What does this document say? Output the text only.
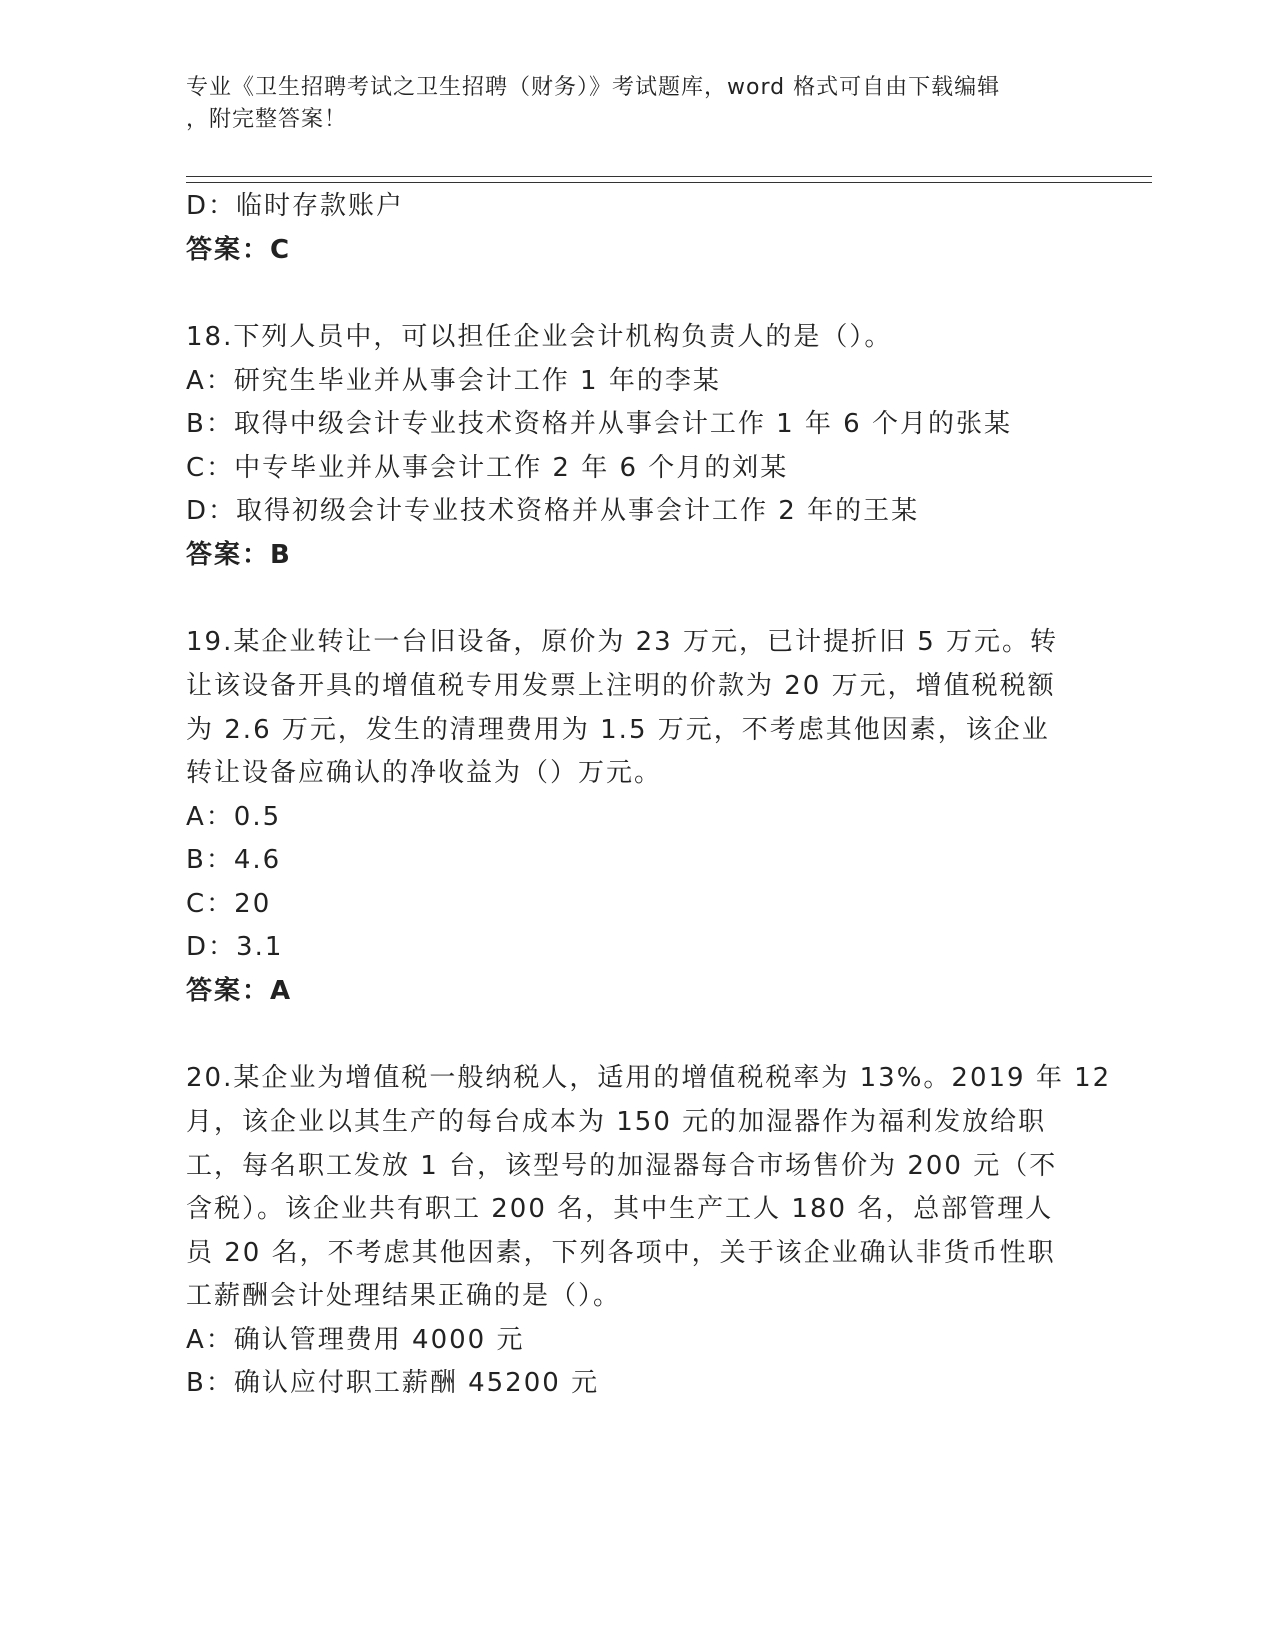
专业《卫生招聘考试之卫生招聘（财务）》考试题库，word 格式可自由下载编辑
，附完整答案！
D：临时存款账户
答案：C
18.下列人员中，可以担任企业会计机构负责人的是（）。
A：研究生毕业并从事会计工作 1 年的李某
B：取得中级会计专业技术资格并从事会计工作 1 年 6 个月的张某
C：中专毕业并从事会计工作 2 年 6 个月的刘某
D：取得初级会计专业技术资格并从事会计工作 2 年的王某
答案：B
19.某企业转让一台旧设备，原价为 23 万元，已计提折旧 5 万元。转
让该设备开具的增值税专用发票上注明的价款为 20 万元，增值税税额
为 2.6 万元，发生的清理费用为 1.5 万元，不考虑其他因素，该企业
转让设备应确认的净收益为（）万元。
A：0.5
B：4.6
C：20
D：3.1
答案：A
20.某企业为增值税一般纳税人，适用的增值税税率为 13%。2019 年 12
月，该企业以其生产的每台成本为 150 元的加湿器作为福利发放给职
工，每名职工发放 1 台，该型号的加湿器每合市场售价为 200 元（不
含税）。该企业共有职工 200 名，其中生产工人 180 名，总部管理人
员 20 名，不考虑其他因素，下列各项中，关于该企业确认非货币性职
工薪酬会计处理结果正确的是（）。
A：确认管理费用 4000 元
B：确认应付职工薪酬 45200 元
